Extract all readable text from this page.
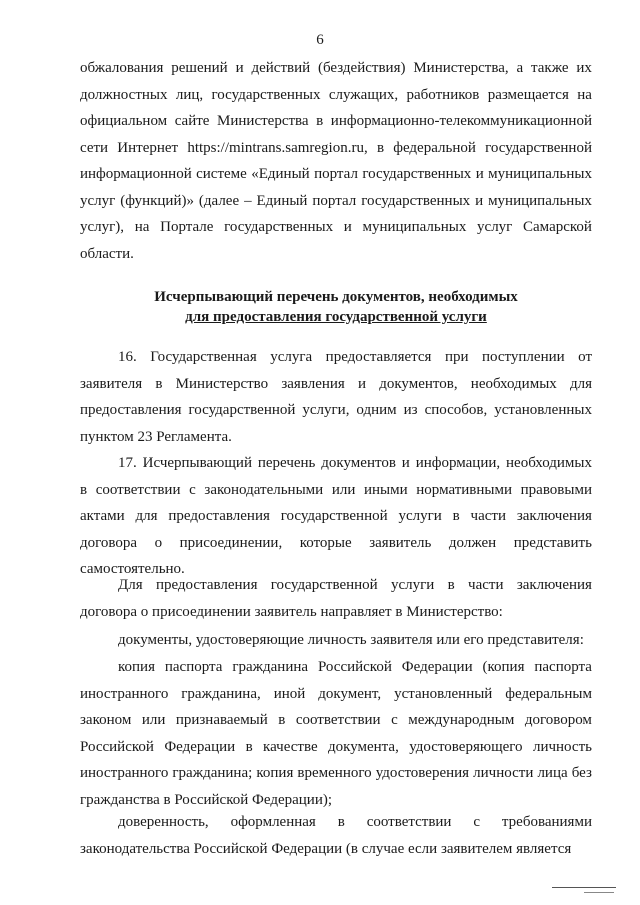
6
обжалования решений и действий (бездействия) Министерства, а также их
должностных лиц, государственных служащих, работников размещается на
официальном сайте Министерства в информационно-телекоммуникационной
сети Интернет https://mintrans.samregion.ru, в федеральной государственной
информационной системе «Единый портал государственных и муниципальных
услуг (функций)» (далее – Единый портал государственных и муниципальных
услуг), на Портале государственных и муниципальных услуг Самарской
области.
Исчерпывающий перечень документов, необходимых
для предоставления государственной услуги
16. Государственная услуга предоставляется при поступлении от
заявителя в Министерство заявления и документов, необходимых для
предоставления государственной услуги, одним из способов, установленных
пунктом 23 Регламента.
17. Исчерпывающий перечень документов и информации, необходимых
в соответствии с законодательными или иными нормативными правовыми
актами для предоставления государственной услуги в части заключения
договора о присоединении, которые заявитель должен представить
самостоятельно.
Для предоставления государственной услуги в части заключения
договора о присоединении заявитель направляет в Министерство:
документы, удостоверяющие личность заявителя или его представителя:
копия паспорта гражданина Российской Федерации (копия паспорта
иностранного гражданина, иной документ, установленный федеральным
законом или признаваемый в соответствии с международным договором
Российской Федерации в качестве документа, удостоверяющего личность
иностранного гражданина; копия временного удостоверения личности лица без
гражданства в Российской Федерации);
доверенность, оформленная в соответствии с требованиями
законодательства Российской Федерации (в случае если заявителем является
